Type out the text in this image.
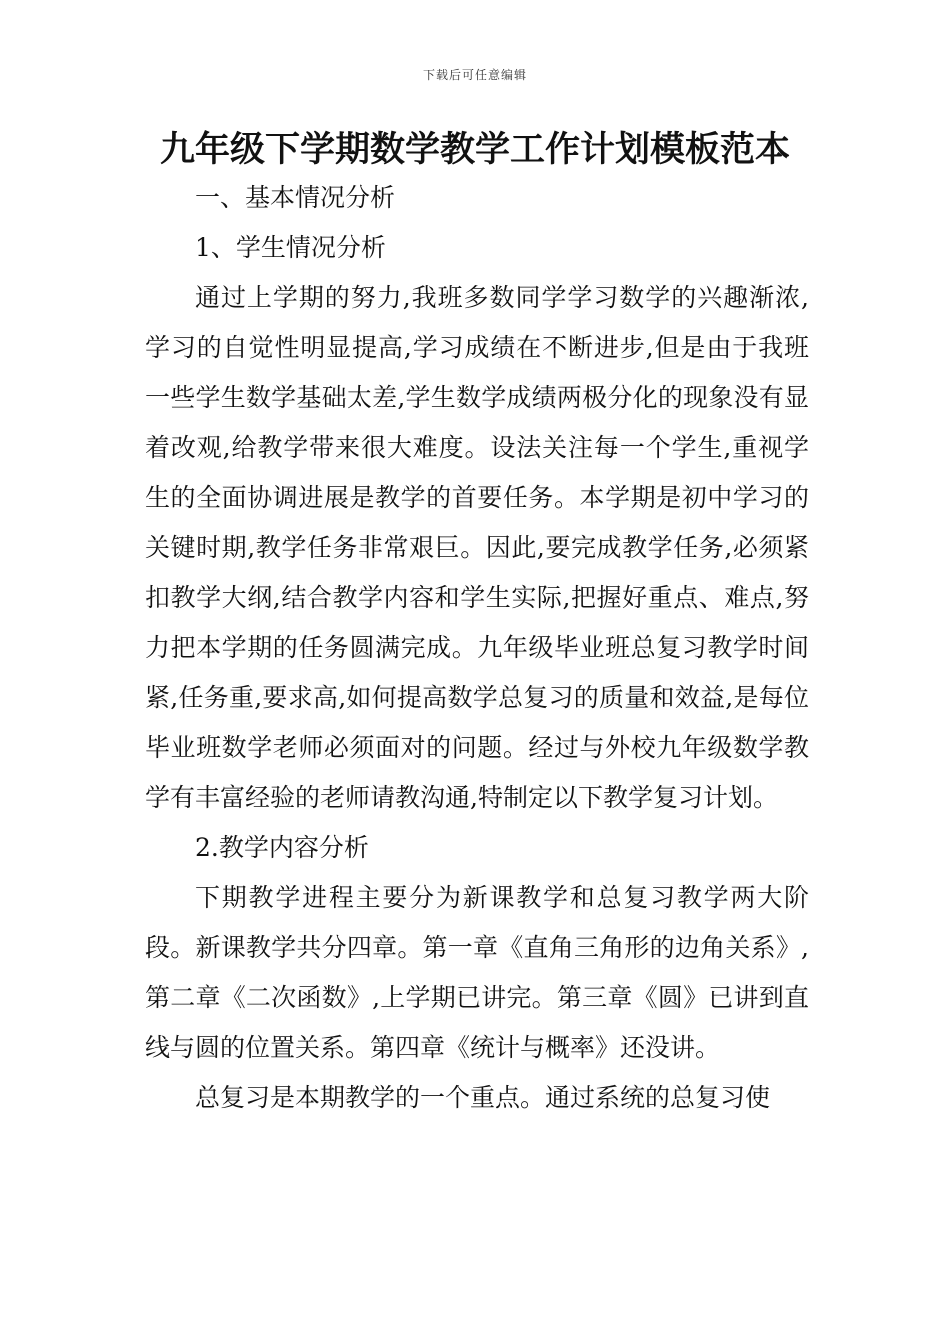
下载后可任意编辑
九年级下学期数学教学工作计划模板范本

一、基本情况分析

1、学生情况分析

通过上学期的努力,我班多数同学学习数学的兴趣渐浓,学习的自觉性明显提高,学习成绩在不断进步,但是由于我班一些学生数学基础太差,学生数学成绩两极分化的现象没有显着改观,给教学带来很大难度。设法关注每一个学生,重视学生的全面协调进展是教学的首要任务。本学期是初中学习的关键时期,教学任务非常艰巨。因此,要完成教学任务,必须紧扣教学大纲,结合教学内容和学生实际,把握好重点、难点,努力把本学期的任务圆满完成。九年级毕业班总复习教学时间紧,任务重,要求高,如何提高数学总复习的质量和效益,是每位毕业班数学老师必须面对的问题。经过与外校九年级数学教学有丰富经验的老师请教沟通,特制定以下教学复习计划。

2.教学内容分析

下期教学进程主要分为新课教学和总复习教学两大阶段。新课教学共分四章。第一章《直角三角形的边角关系》,第二章《二次函数》,上学期已讲完。第三章《圆》已讲到直线与圆的位置关系。第四章《统计与概率》还没讲。

总复习是本期教学的一个重点。通过系统的总复习使
